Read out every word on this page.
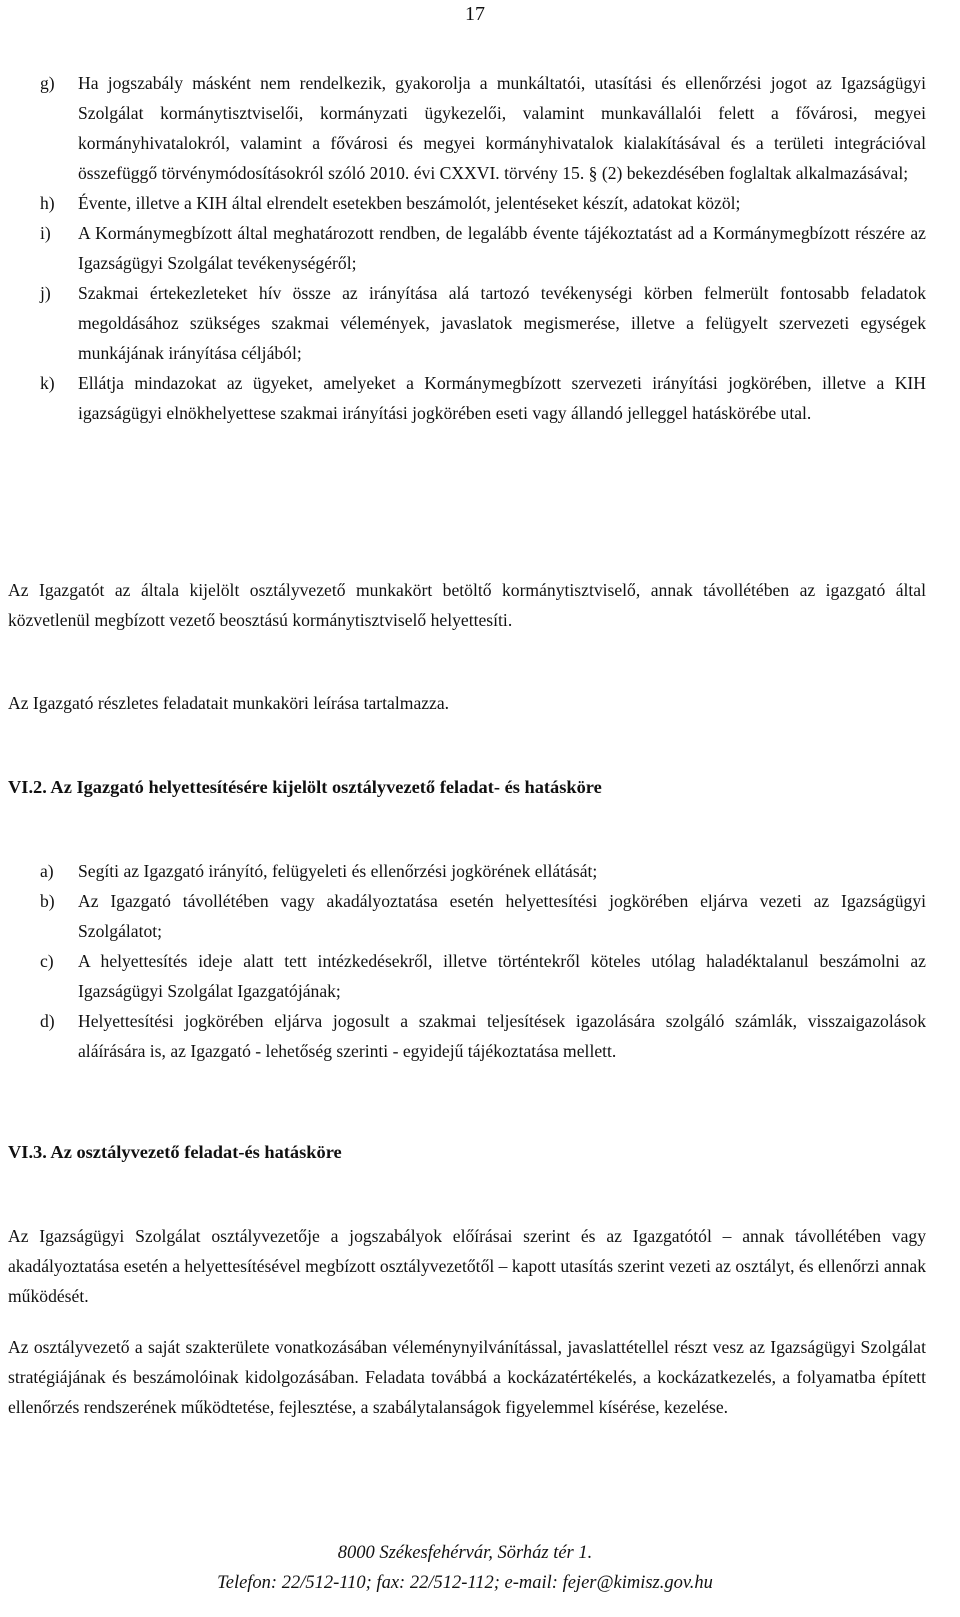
17
g)	Ha jogszabály másként nem rendelkezik, gyakorolja a munkáltatói, utasítási és ellenőrzési jogot az Igazságügyi Szolgálat kormánytisztviselői, kormányzati ügykezelői, valamint munkavállalói felett a fővárosi, megyei kormányhivatalokról, valamint a fővárosi és megyei kormányhivatalok kialakításával és a területi integrációval összefüggő törvénymódosításokról szóló 2010. évi CXXVI. törvény 15. § (2) bekezdésében foglaltak alkalmazásával;
h)	Évente, illetve a KIH által elrendelt esetekben beszámolót, jelentéseket készít, adatokat közöl;
i)	A Kormánymegbízott által meghatározott rendben, de legalább évente tájékoztatást ad a Kormánymegbízott részére az Igazságügyi Szolgálat tevékenységéről;
j)	Szakmai értekezleteket hív össze az irányítása alá tartozó tevékenységi körben felmerült fontosabb feladatok megoldásához szükséges szakmai vélemények, javaslatok megismerése, illetve a felügyelt szervezeti egységek munkájának irányítása céljából;
k)	Ellátja mindazokat az ügyeket, amelyeket a Kormánymegbízott szervezeti irányítási jogkörében, illetve a KIH igazságügyi elnökhelyettese szakmai irányítási jogkörében eseti vagy állandó jelleggel hatáskörébe utal.
Az Igazgatót az általa kijelölt osztályvezető munkakört betöltő kormánytisztviselő, annak távollétében az igazgató által közvetlenül megbízott vezető beosztású kormánytisztviselő helyettesíti.
Az Igazgató részletes feladatait munkaköri leírása tartalmazza.
VI.2. Az Igazgató helyettesítésére kijelölt osztályvezető feladat- és hatásköre
a)	Segíti az Igazgató irányító, felügyeleti és ellenőrzési jogkörének ellátását;
b)	Az Igazgató távollétében vagy akadályoztatása esetén helyettesítési jogkörében eljárva vezeti az Igazságügyi Szolgálatot;
c)	A helyettesítés ideje alatt tett intézkedésekről, illetve történtekről köteles utólag haladéktalanul beszámolni az Igazságügyi Szolgálat Igazgatójának;
d)	Helyettesítési jogkörében eljárva jogosult a szakmai teljesítések igazolására szolgáló számlák, visszaigazolások aláírására is, az Igazgató - lehetőség szerinti - egyidejű tájékoztatása mellett.
VI.3. Az osztályvezető feladat-és hatásköre
Az Igazságügyi Szolgálat osztályvezetője a jogszabályok előírásai szerint és az Igazgatótól – annak távollétében vagy akadályoztatása esetén a helyettesítésével megbízott osztályvezetőtől – kapott utasítás szerint vezeti az osztályt, és ellenőrzi annak működését.
Az osztályvezető a saját szakterülete vonatkozásában véleménynyilvánítással, javaslattétellel részt vesz az Igazságügyi Szolgálat stratégiájának és beszámolóinak kidolgozásában. Feladata továbbá a kockázatértékelés, a kockázatkezelés, a folyamatba épített ellenőrzés rendszerének működtetése, fejlesztése, a szabálytalanságok figyelemmel kísérése, kezelése.
8000 Székesfehérvár, Sörház tér 1.
Telefon: 22/512-110; fax: 22/512-112; e-mail: fejer@kimisz.gov.hu
